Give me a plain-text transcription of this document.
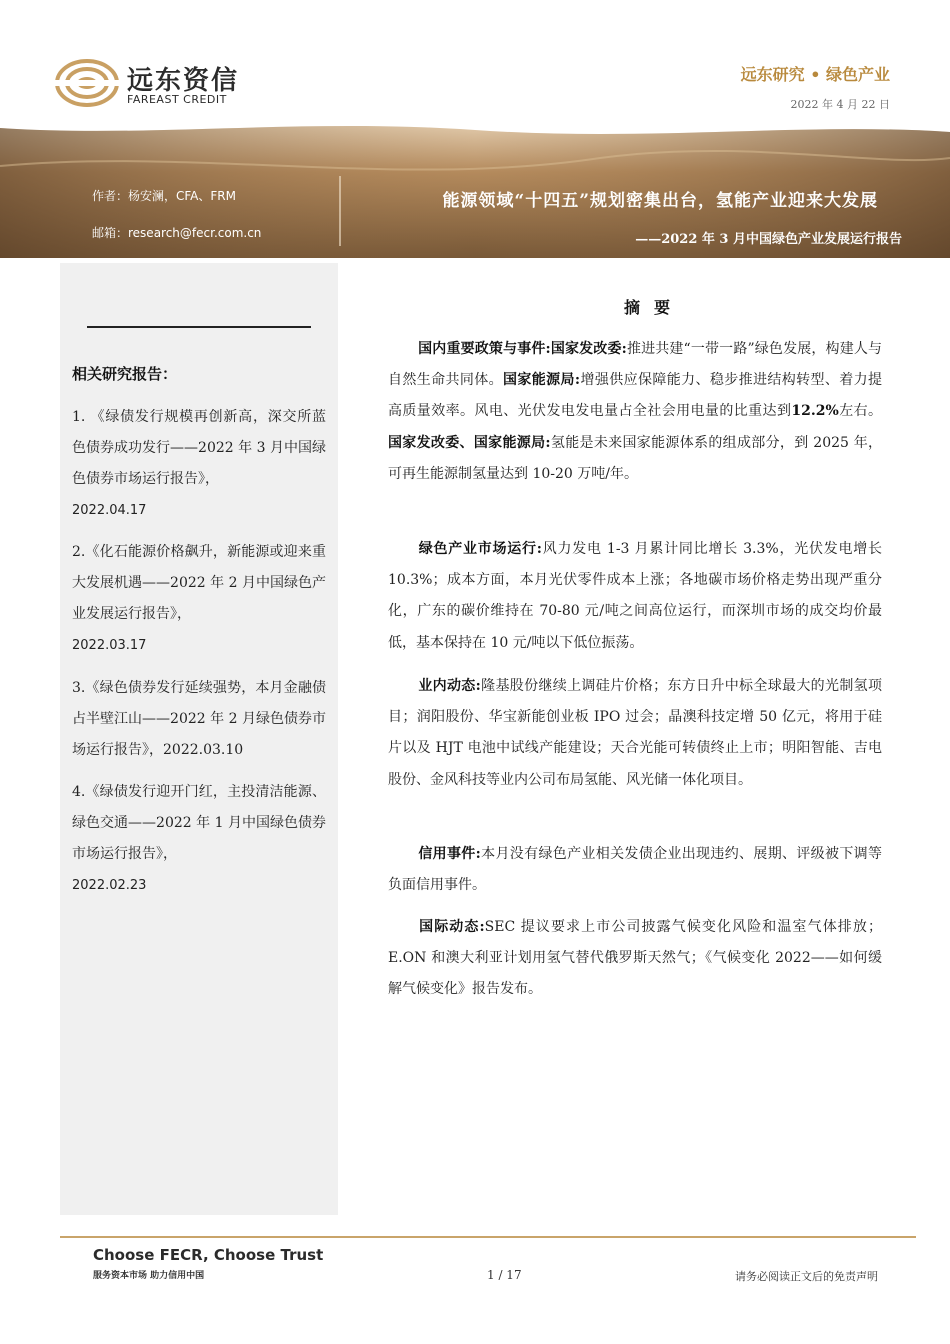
远东资信
FAREAST CREDIT
远东研究 • 绿色产业
2022 年 4 月 22 日
作者：杨安澜，CFA、FRM
邮箱：research@fecr.com.cn
能源领域“十四五”规划密集出台，氢能产业迎来大发展
——2022 年 3 月中国绿色产业发展运行报告
相关研究报告：
1. 《绿债发行规模再创新高，深交所蓝色债券成功发行——2022 年 3 月中国绿色债券市场运行报告》，
2022.04.17
2.《化石能源价格飙升，新能源或迎来重大发展机遇——2022 年 2 月中国绿色产业发展运行报告》，
2022.03.17
3.《绿色债券发行延续强势，本月金融债占半壁江山——2022 年 2 月绿色债券市场运行报告》，2022.03.10
4.《绿债发行迎开门红，主投清洁能源、绿色交通——2022 年 1 月中国绿色债券市场运行报告》，
2022.02.23
摘要
国内重要政策与事件:国家发改委:推进共建“一带一路”绿色发展，构建人与自然生命共同体。国家能源局:增强供应保障能力、稳步推进结构转型、着力提高质量效率。风电、光伏发电发电量占全社会用电量的比重达到12.2%左右。国家发改委、国家能源局:氢能是未来国家能源体系的组成部分，到 2025 年，可再生能源制氢量达到 10-20 万吨/年。
绿色产业市场运行:风力发电 1-3 月累计同比增长 3.3%，光伏发电增长 10.3%；成本方面，本月光伏零件成本上涨；各地碳市场价格走势出现严重分化，广东的碳价维持在 70-80 元/吨之间高位运行，而深圳市场的成交均价最低，基本保持在 10 元/吨以下低位振荡。
业内动态:隆基股份继续上调硅片价格；东方日升中标全球最大的光制氢项目；润阳股份、华宝新能创业板 IPO 过会；晶澳科技定增 50 亿元，将用于硅片以及 HJT 电池中试线产能建设；天合光能可转债终止上市；明阳智能、吉电股份、金风科技等业内公司布局氢能、风光储一体化项目。
信用事件:本月没有绿色产业相关发债企业出现违约、展期、评级被下调等负面信用事件。
国际动态:SEC 提议要求上市公司披露气候变化风险和温室气体排放；E.ON 和澳大利亚计划用氢气替代俄罗斯天然气；《气候变化 2022——如何缓解气候变化》报告发布。
Choose FECR, Choose Trust
服务资本市场 助力信用中国	1 / 17	请务必阅读正文后的免责声明
